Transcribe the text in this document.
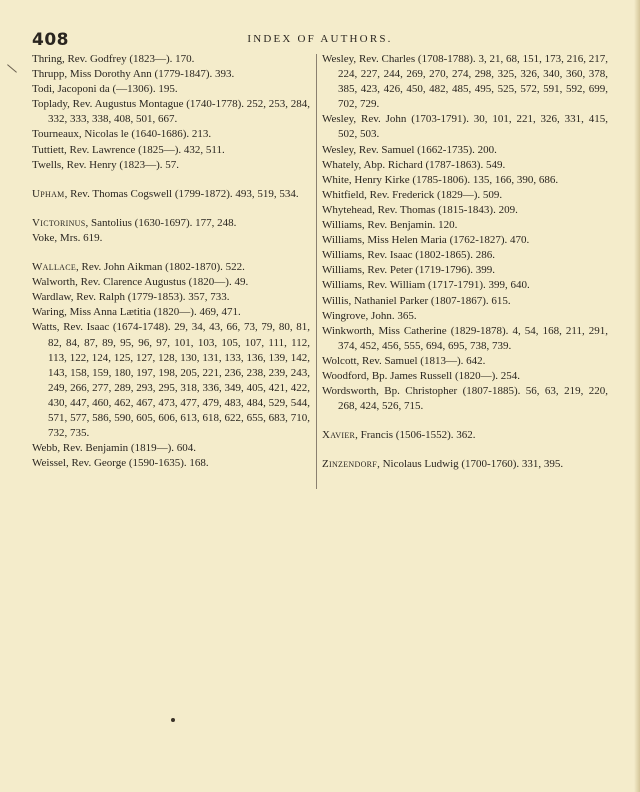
408	INDEX OF AUTHORS.
Thring, Rev. Godfrey (1823—). 170.
Thrupp, Miss Dorothy Ann (1779-1847). 393.
Todi, Jacoponi da (—1306). 195.
Toplady, Rev. Augustus Montague (1740-1778). 252, 253, 284, 332, 333, 338, 408, 501, 667.
Tourneaux, Nicolas le (1640-1686). 213.
Tuttiett, Rev. Lawrence (1825—). 432, 511.
Twells, Rev. Henry (1823—). 57.
Upham, Rev. Thomas Cogswell (1799-1872). 493, 519, 534.
Victorinus, Santolius (1630-1697). 177, 248.
Voke, Mrs. 619.
Wallace, Rev. John Aikman (1802-1870). 522.
Walworth, Rev. Clarence Augustus (1820—). 49.
Wardlaw, Rev. Ralph (1779-1853). 357, 733.
Waring, Miss Anna Lætitia (1820—). 469, 471.
Watts, Rev. Isaac (1674-1748). 29, 34, 43, 66, 73, 79, 80, 81, 82, 84, 87, 89, 95, 96, 97, 101, 103, 105, 107, 111, 112, 113, 122, 124, 125, 127, 128, 130, 131, 133, 136, 139, 142, 143, 158, 159, 180, 197, 198, 205, 221, 236, 238, 239, 243, 249, 266, 277, 289, 293, 295, 318, 336, 349, 405, 421, 422, 430, 447, 460, 462, 467, 473, 477, 479, 483, 484, 529, 544, 571, 577, 586, 590, 605, 606, 613, 618, 622, 655, 683, 710, 732, 735.
Webb, Rev. Benjamin (1819—). 604.
Weissel, Rev. George (1590-1635). 168.
Wesley, Rev. Charles (1708-1788). 3, 21, 68, 151, 173, 216, 217, 224, 227, 244, 269, 270, 274, 298, 325, 326, 340, 360, 378, 385, 423, 426, 450, 482, 485, 495, 525, 572, 591, 592, 699, 702, 729.
Wesley, Rev. John (1703-1791). 30, 101, 221, 326, 331, 415, 502, 503.
Wesley, Rev. Samuel (1662-1735). 200.
Whately, Abp. Richard (1787-1863). 549.
White, Henry Kirke (1785-1806). 135, 166, 390, 686.
Whitfield, Rev. Frederick (1829—). 509.
Whytehead, Rev. Thomas (1815-1843). 209.
Williams, Rev. Benjamin. 120.
Williams, Miss Helen Maria (1762-1827). 470.
Williams, Rev. Isaac (1802-1865). 286.
Williams, Rev. Peter (1719-1796). 399.
Williams, Rev. William (1717-1791). 399, 640.
Willis, Nathaniel Parker (1807-1867). 615.
Wingrove, John. 365.
Winkworth, Miss Catherine (1829-1878). 4, 54, 168, 211, 291, 374, 452, 456, 555, 694, 695, 738, 739.
Wolcott, Rev. Samuel (1813—). 642.
Woodford, Bp. James Russell (1820—). 254.
Wordsworth, Bp. Christopher (1807-1885). 56, 63, 219, 220, 268, 424, 526, 715.
Xavier, Francis (1506-1552). 362.
Zinzendorf, Nicolaus Ludwig (1700-1760). 331, 395.
